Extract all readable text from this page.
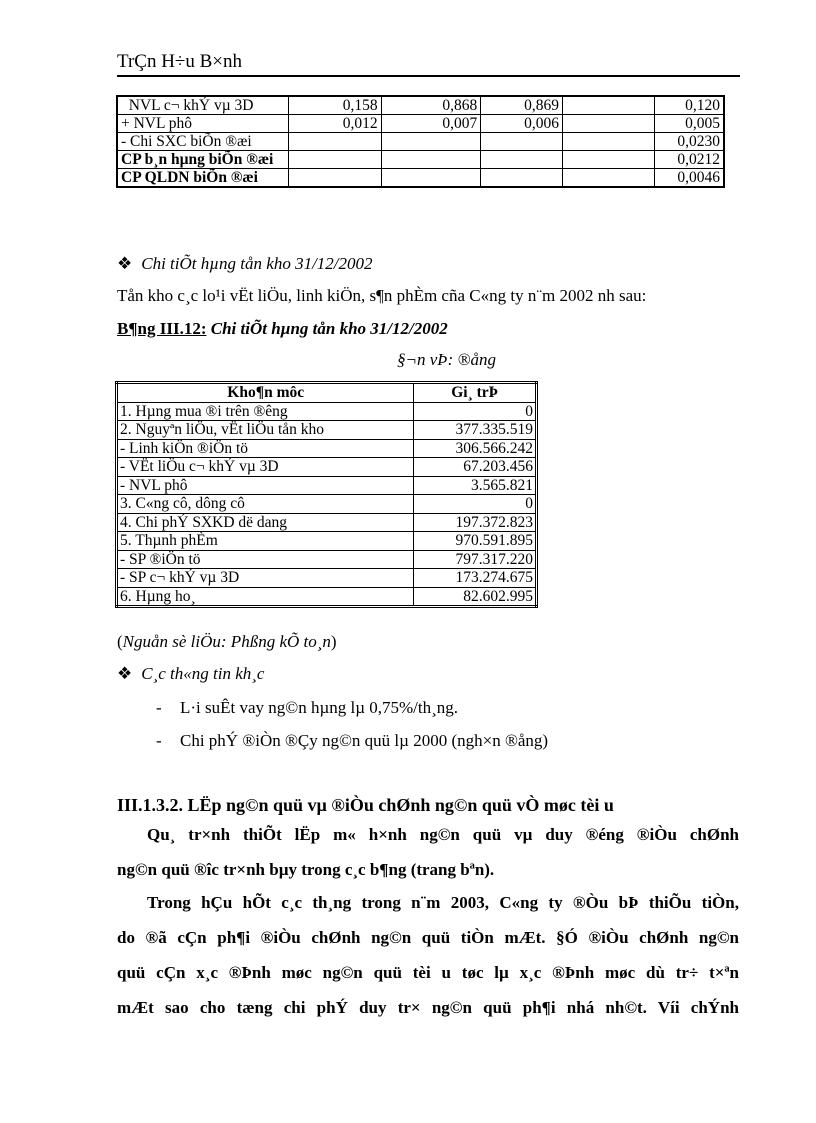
TrÇn H÷u B×nh
NVL c¬ khÝ vµ 3D	0,158	0,868	0,869		0,120
+ NVL phô	0,012	0,007	0,006		0,005
- Chi SXC biÕn ®æi					0,0230
CP b¸n hµng biÕn ®æi					0,0212
CP QLDN biÕn ®æi					0,0046
❖ Chi tiÕt hµng tån kho 31/12/2002
Tån kho c¸c lo¹i vËt liÖu, linh kiÖn, s¶n phÈm cña C«ng ty n¨m 2002 nh sau:
B¶ng III.12: Chi tiÕt hµng tån kho 31/12/2002
§¬n vÞ: ®ång
Kho¶n môc	Gi¸ trÞ
1. Hµng mua ®i trên ®êng	0
2. Nguyªn liÖu, vËt liÖu tån kho	377.335.519
- Linh kiÖn ®iÖn tö	306.566.242
- VËt liÖu c¬ khÝ vµ 3D	67.203.456
- NVL phô	3.565.821
3. C«ng cô, dông cô	0
4. Chi phÝ SXKD dë dang	197.372.823
5. Thµnh phÈm	970.591.895
- SP ®iÖn tö	797.317.220
- SP c¬ khÝ vµ 3D	173.274.675
6. Hµng ho¸	82.602.995
(Nguån sè liÖu: Phßng kÕ to¸n)
❖ C¸c th«ng tin kh¸c
- L·i suÊt vay ng©n hµng lµ 0,75%/th¸ng.
- Chi phÝ ®iÒn ®Çy ng©n quü lµ 2000 (ngh×n ®ång)
III.1.3.2. LËp ng©n quü vµ ®iÒu chØnh ng©n quü vÒ møc tèi u
Qu¸ tr×nh thiÕt lËp m« h×nh ng©n quü vµ duy ®éng ®iÒu chØnh
ng©n quü ®îc tr×nh bµy trong c¸c b¶ng (trang bªn).
Trong hÇu hÕt c¸c th¸ng trong n¨m 2003, C«ng ty ®Òu bÞ thiÕu tiÒn,
do ®ã cÇn ph¶i ®iÒu chØnh ng©n quü tiÒn mÆt. §Ó ®iÒu chØnh ng©n
quü cÇn x¸c ®Þnh møc ng©n quü tèi u tøc lµ x¸c ®Þnh møc dù tr÷ t×ªn
mÆt sao cho tæng chi phÝ duy tr× ng©n quü ph¶i nhá nh©t. Víi chÝnh
